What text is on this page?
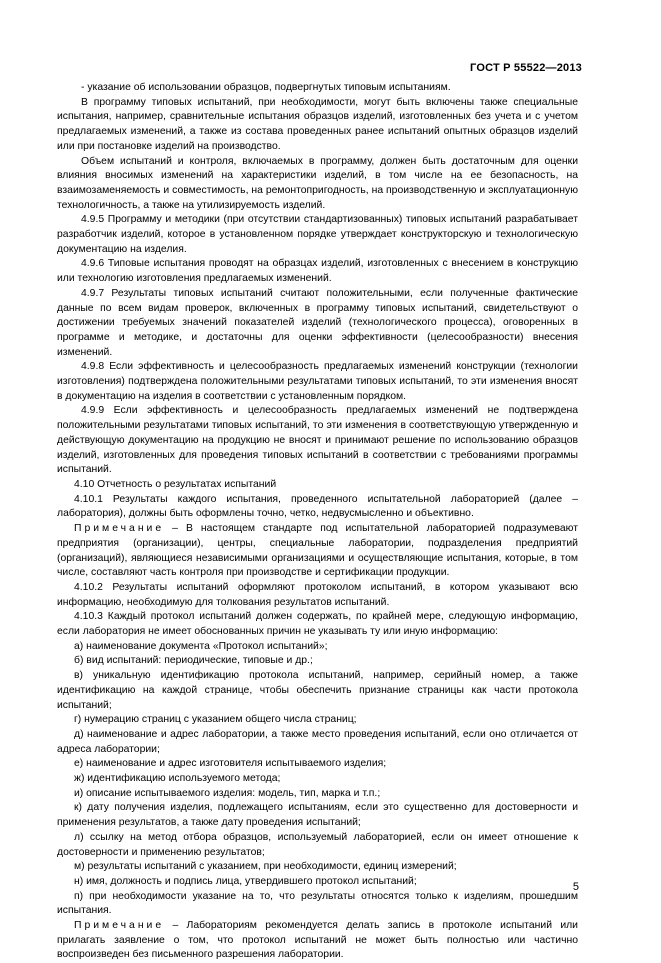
ГОСТ Р 55522—2013

- указание об использовании образцов, подвергнутых типовым испытаниям.

В программу типовых испытаний, при необходимости, могут быть включены также специальные испытания, например, сравнительные испытания образцов изделий, изготовленных без учета и с учетом предлагаемых изменений, а также из состава проведенных ранее испытаний опытных образцов изделий или при постановке изделий на производство.

Объем испытаний и контроля, включаемых в программу, должен быть достаточным для оценки влияния вносимых изменений на характеристики изделий, в том числе на ее безопасность, на взаимозаменяемость и совместимость, на ремонтопригодность, на производственную и эксплуатационную технологичность, а также на утилизируемость изделий.

4.9.5 Программу и методики (при отсутствии стандартизованных) типовых испытаний разрабатывает разработчик изделий, которое в установленном порядке утверждает конструкторскую и технологическую документацию на изделия.

4.9.6 Типовые испытания проводят на образцах изделий, изготовленных с внесением в конструкцию или технологию изготовления предлагаемых изменений.

4.9.7 Результаты типовых испытаний считают положительными, если полученные фактические данные по всем видам проверок, включенных в программу типовых испытаний, свидетельствуют о достижении требуемых значений показателей изделий (технологического процесса), оговоренных в программе и методике, и достаточны для оценки эффективности (целесообразности) внесения изменений.

4.9.8 Если эффективность и целесообразность предлагаемых изменений конструкции (технологии изготовления) подтверждена положительными результатами типовых испытаний, то эти изменения вносят в документацию на изделия в соответствии с установленным порядком.

4.9.9 Если эффективность и целесообразность предлагаемых изменений не подтверждена положительными результатами типовых испытаний, то эти изменения в соответствующую утвержденную и действующую документацию на продукцию не вносят и принимают решение по использованию образцов изделий, изготовленных для проведения типовых испытаний в соответствии с требованиями программы испытаний.

4.10 Отчетность о результатах испытаний

4.10.1 Результаты каждого испытания, проведенного испытательной лабораторией (далее – лаборатория), должны быть оформлены точно, четко, недвусмысленно и объективно.

Примечание – В настоящем стандарте под испытательной лабораторией подразумевают предприятия (организации), центры, специальные лаборатории, подразделения предприятий (организаций), являющиеся независимыми организациями и осуществляющие испытания, которые, в том числе, составляют часть контроля при производстве и сертификации продукции.

4.10.2 Результаты испытаний оформляют протоколом испытаний, в котором указывают всю информацию, необходимую для толкования результатов испытаний.

4.10.3 Каждый протокол испытаний должен содержать, по крайней мере, следующую информацию, если лаборатория не имеет обоснованных причин не указывать ту или иную информацию:

а) наименование документа «Протокол испытаний»;

б) вид испытаний: периодические, типовые и др.;

в) уникальную идентификацию протокола испытаний, например, серийный номер, а также идентификацию на каждой странице, чтобы обеспечить признание страницы как части протокола испытаний;

г) нумерацию страниц с указанием общего числа страниц;

д) наименование и адрес лаборатории, а также место проведения испытаний, если оно отличается от адреса лаборатории;

е) наименование и адрес изготовителя испытываемого изделия;

ж) идентификацию используемого метода;

и) описание испытываемого изделия: модель, тип, марка и т.п.;

к) дату получения изделия, подлежащего испытаниям, если это существенно для достоверности и применения результатов, а также дату проведения испытаний;

л) ссылку на метод отбора образцов, используемый лабораторией, если он имеет отношение к достоверности и применению результатов;

м) результаты испытаний с указанием, при необходимости, единиц измерений;

н) имя, должность и подпись лица, утвердившего протокол испытаний;

п) при необходимости указание на то, что результаты относятся только к изделиям, прошедшим испытания.

Примечание – Лабораториям рекомендуется делать запись в протоколе испытаний или прилагать заявление о том, что протокол испытаний не может быть полностью или частично воспроизведен без письменного разрешения лаборатории.

5
